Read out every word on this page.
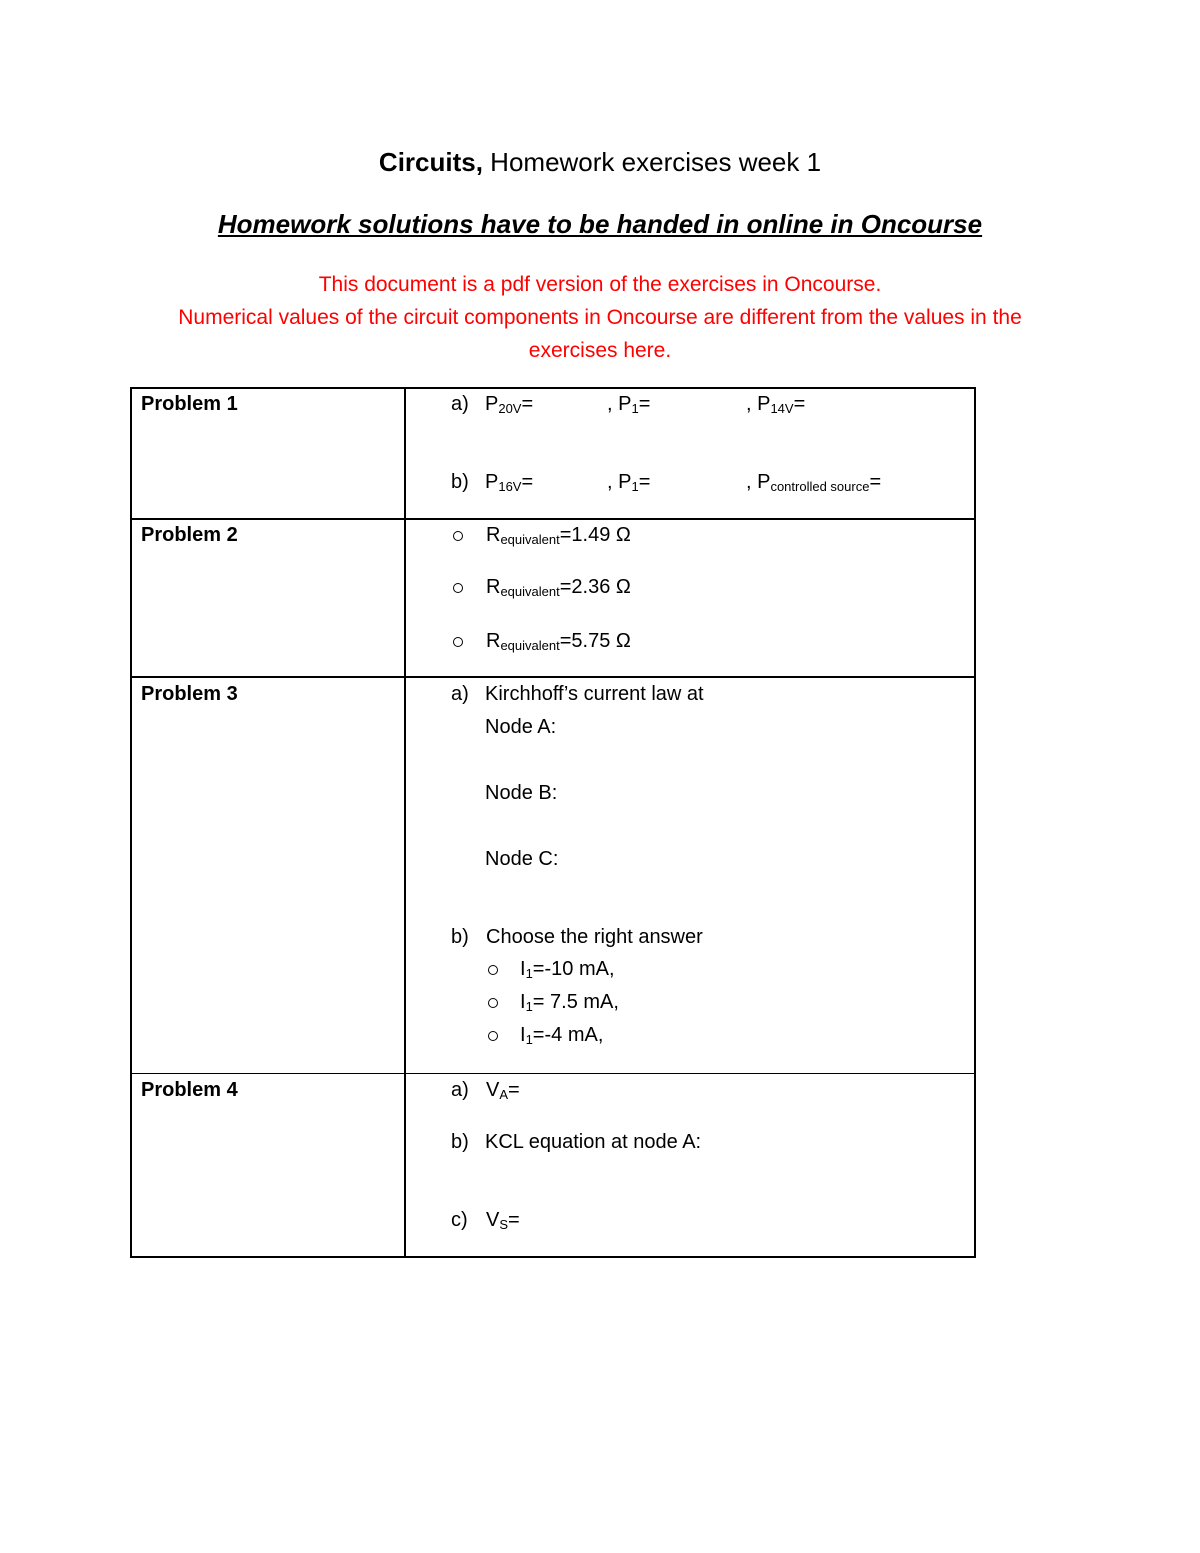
Circuits, Homework exercises week 1
Homework solutions have to be handed in online in Oncourse
This document is a pdf version of the exercises in Oncourse.
Numerical values of the circuit components in Oncourse are different from the values in the
exercises here.
Problem 1	a) $P_{20V}=$	, $P_1=$	, $P_{14V}=$
b) $P_{16V}=$	, $P_1=$	, $P_{controlled source}=$
Problem 2	$R_{equivalent}=1.49$ Ω
$R_{equivalent}=2.36$ Ω
$R_{equivalent}=5.75$ Ω
Problem 3	a) Kirchhoff’s current law at
Node A:
Node B:
Node C:
b) Choose the right answer
$I_1=-10$ mA,
$I_1= 7.5$ mA,
$I_1=-4$ mA,
Problem 4	a) $V_A=$
b) KCL equation at node A:
c) $V_S=$
